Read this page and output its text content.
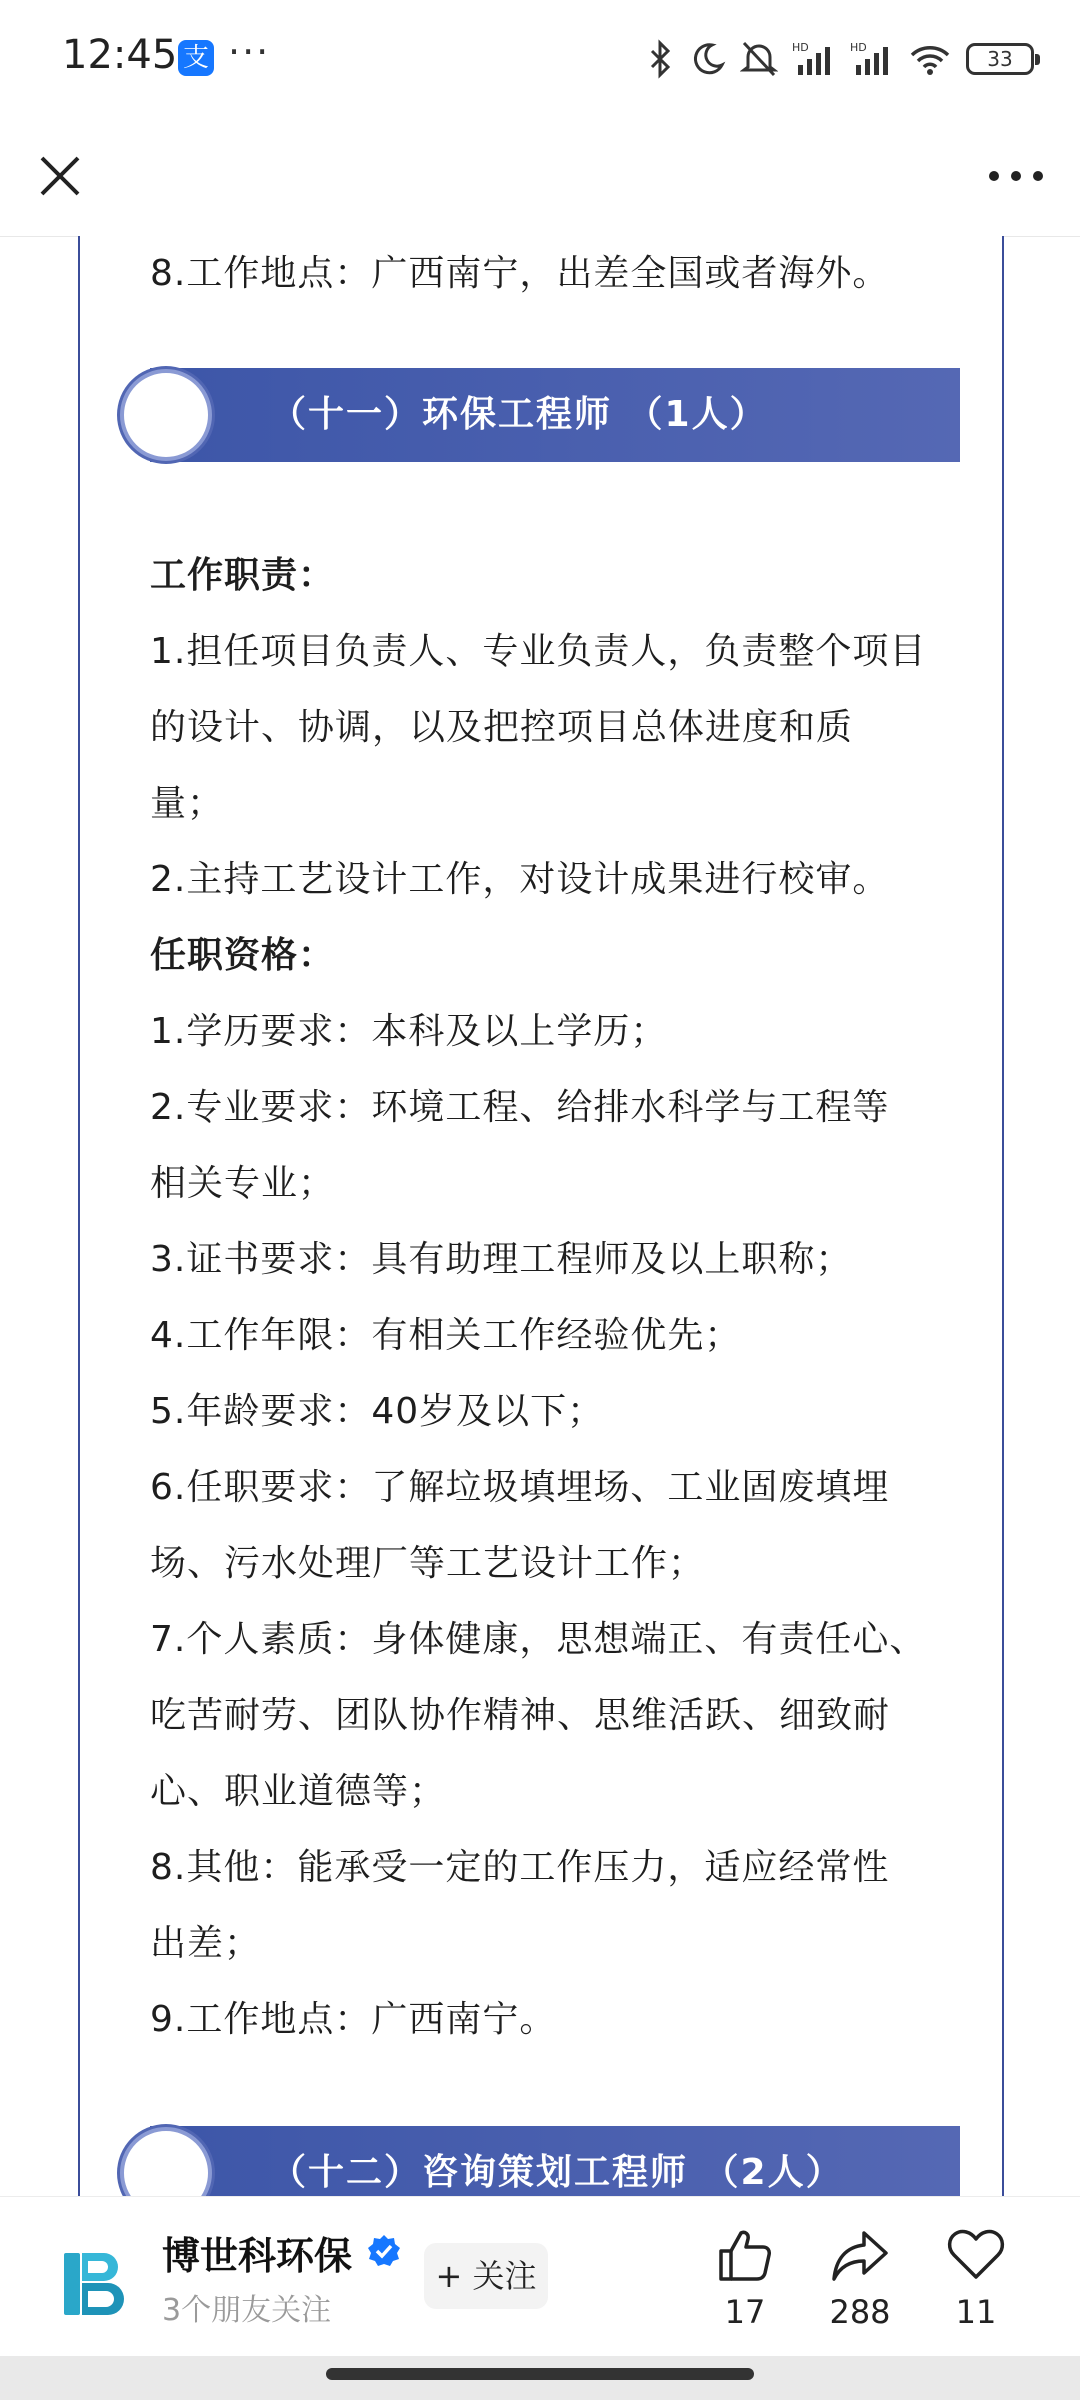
12:45 支 ···	HD	HD	33
8.工作地点：广西南宁，出差全国或者海外。
（十一）环保工程师 （1人）
工作职责：
1.担任项目负责人、专业负责人，负责整个项目
的设计、协调，以及把控项目总体进度和质
量；
2.主持工艺设计工作，对设计成果进行校审。
任职资格：
1.学历要求：本科及以上学历；
2.专业要求：环境工程、给排水科学与工程等
相关专业；
3.证书要求：具有助理工程师及以上职称；
4.工作年限：有相关工作经验优先；
5.年龄要求：40岁及以下；
6.任职要求：了解垃圾填埋场、工业固废填埋
场、污水处理厂等工艺设计工作；
7.个人素质：身体健康，思想端正、有责任心、
吃苦耐劳、团队协作精神、思维活跃、细致耐
心、职业道德等；
8.其他：能承受一定的工作压力，适应经常性
出差；
9.工作地点：广西南宁。
（十二）咨询策划工程师 （2人）
博世科环保
3个朋友关注
+ 关注
17	288	11
